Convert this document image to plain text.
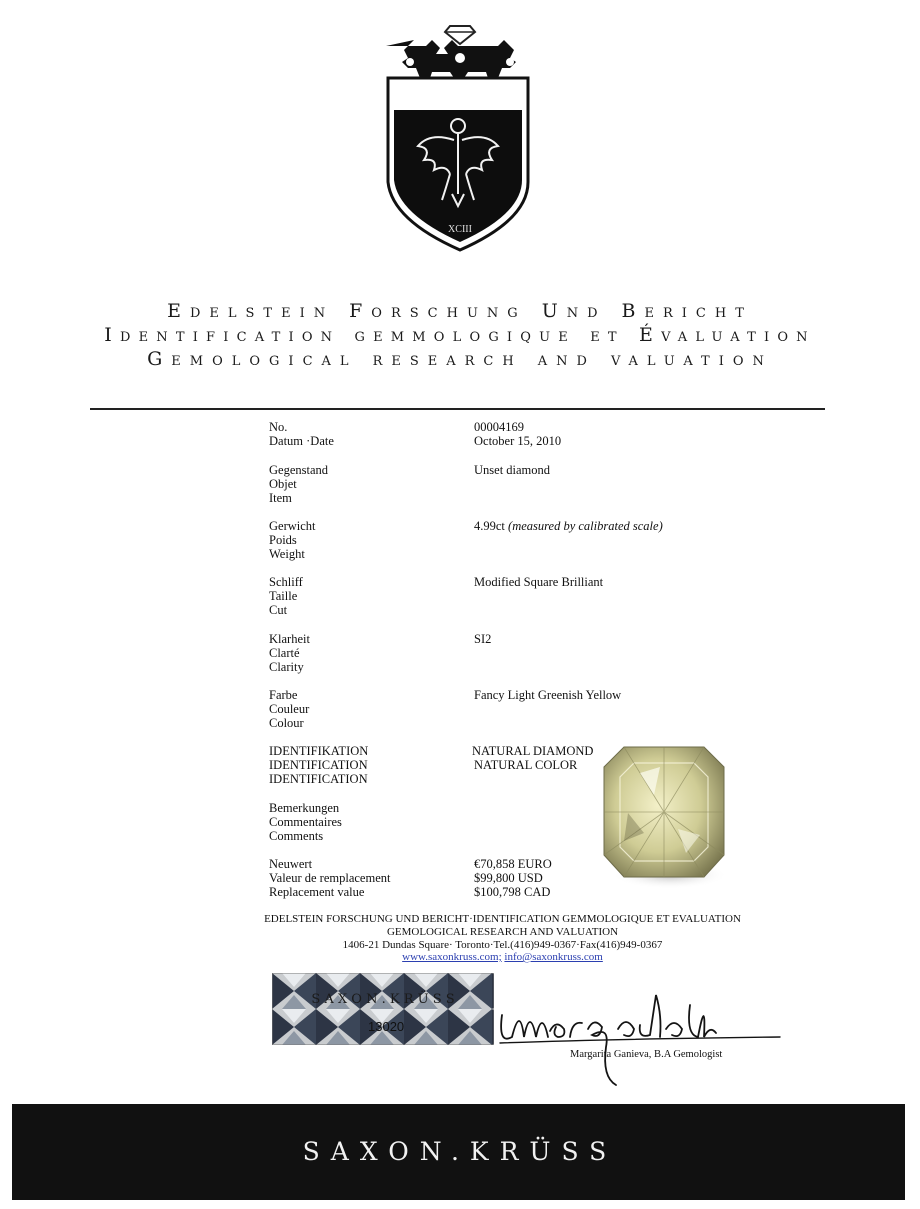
XCIII
Edelstein Forschung Und Bericht
Identification gemmologique et Évaluation
Gemological research and valuation
No.
Datum ·Date
00004169
October 15, 2010
Gegenstand
Objet
Item
Unset diamond
Gerwicht
Poids
Weight
4.99ct (measured by calibrated scale)
Schliff
Taille
Cut
Modified Square Brilliant
Klarheit
Clarté
Clarity
SI2
Farbe
Couleur
Colour
Fancy Light Greenish Yellow
IDENTIFIKATION
IDENTIFICATION
IDENTIFICATION
NATURAL DIAMOND
NATURAL COLOR
Bemerkungen
Commentaires
Comments
Neuwert
Valeur de remplacement
Replacement value
€70,858 EURO
$99,800 USD
$100,798 CAD
EDELSTEIN FORSCHUNG UND BERICHT·IDENTIFICATION GEMMOLOGIQUE ET EVALUATION
GEMOLOGICAL RESEARCH AND VALUATION
1406-21 Dundas Square· Toronto·Tel.(416)949-0367·Fax(416)949-0367
www.saxonkruss.com; info@saxonkruss.com
S A X O N . K R Ü S S
13020
Margarita Ganieva, B.A Gemologist
SAXON.KRÜSS
